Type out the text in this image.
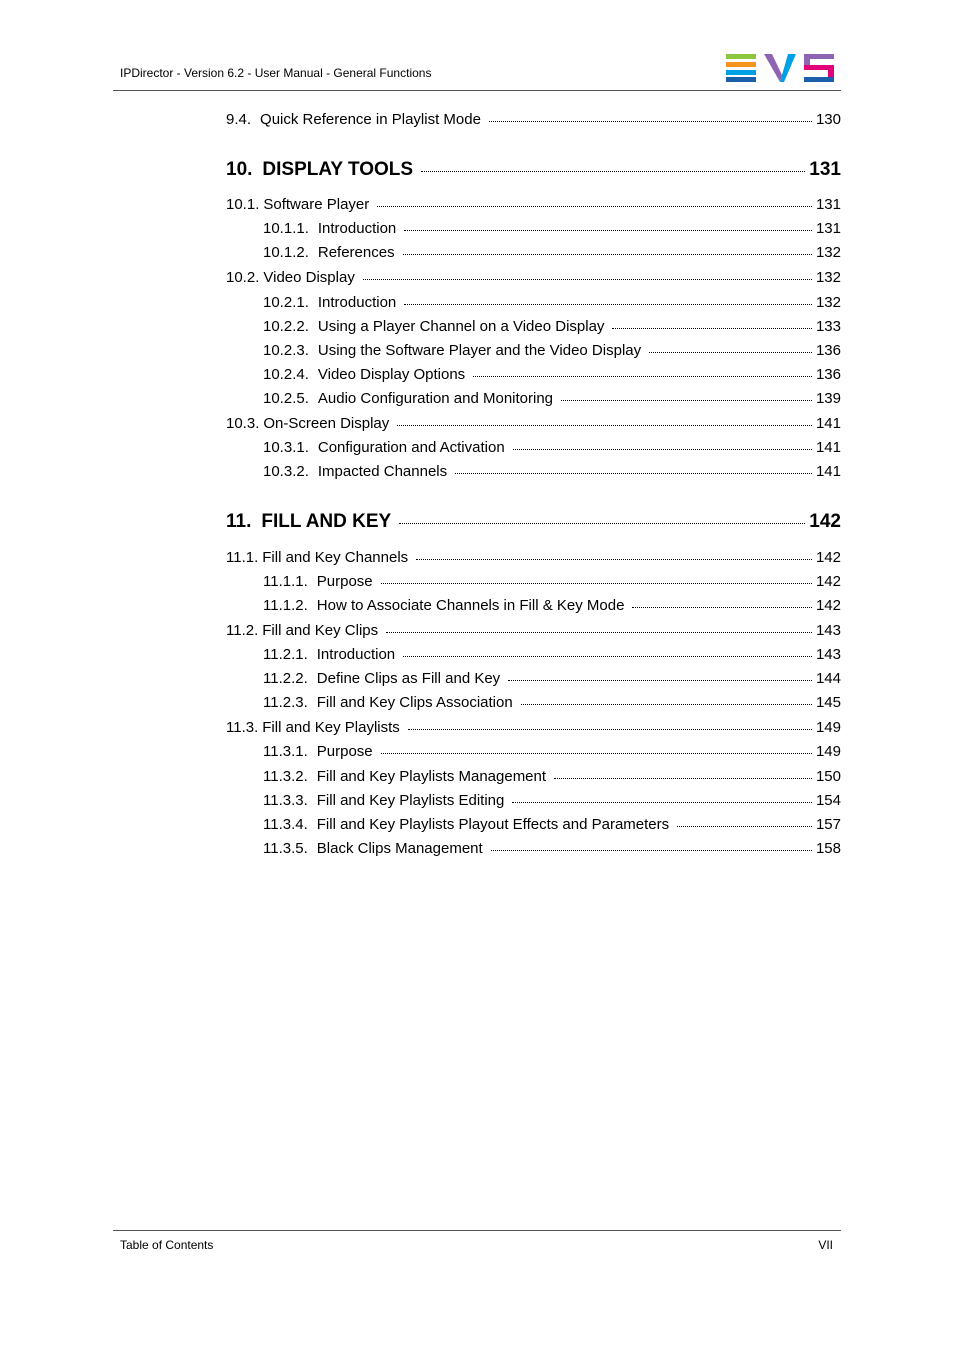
IPDirector - Version 6.2 - User Manual - General Functions
9.4. Quick Reference in Playlist Mode	130
10. DISPLAY TOOLS	131
10.1. Software Player	131
10.1.1. Introduction	131
10.1.2. References	132
10.2. Video Display	132
10.2.1. Introduction	132
10.2.2. Using a Player Channel on a Video Display	133
10.2.3. Using the Software Player and the Video Display	136
10.2.4. Video Display Options	136
10.2.5. Audio Configuration and Monitoring	139
10.3. On-Screen Display	141
10.3.1. Configuration and Activation	141
10.3.2. Impacted Channels	141
11. FILL AND KEY	142
11.1. Fill and Key Channels	142
11.1.1. Purpose	142
11.1.2. How to Associate Channels in Fill & Key Mode	142
11.2. Fill and Key Clips	143
11.2.1. Introduction	143
11.2.2. Define Clips as Fill and Key	144
11.2.3. Fill and Key Clips Association	145
11.3. Fill and Key Playlists	149
11.3.1. Purpose	149
11.3.2. Fill and Key Playlists Management	150
11.3.3. Fill and Key Playlists Editing	154
11.3.4. Fill and Key Playlists Playout Effects and Parameters	157
11.3.5. Black Clips Management	158
Table of Contents	VII
